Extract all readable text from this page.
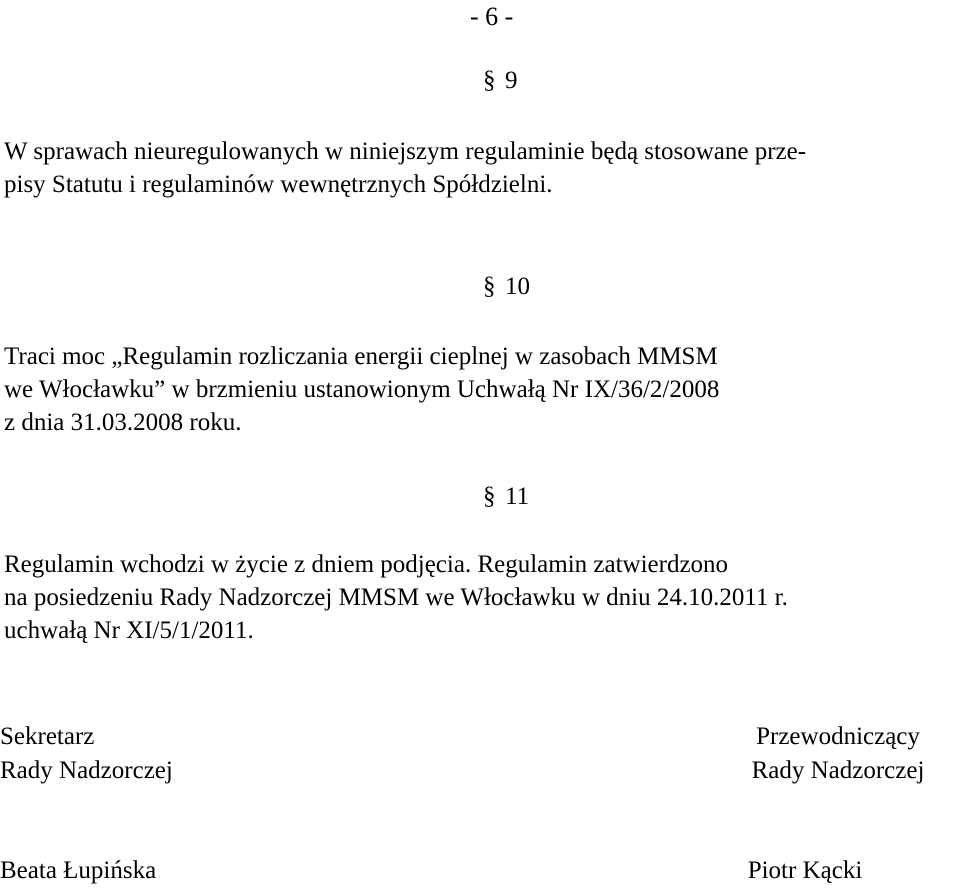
- 6 -
§ 9
W sprawach nieuregulowanych w niniejszym regulaminie będą stosowane prze-
pisy Statutu i regulaminów wewnętrznych Spółdzielni.
§ 10
Traci moc „Regulamin rozliczania energii cieplnej w zasobach MMSM
we Włocławku” w brzmieniu ustanowionym Uchwałą Nr IX/36/2/2008
z dnia 31.03.2008 roku.
§ 11
Regulamin wchodzi w życie z dniem podjęcia. Regulamin zatwierdzono
na posiedzeniu Rady Nadzorczej MMSM we Włocławku w dniu 24.10.2011 r.
uchwałą Nr XI/5/1/2011.
Sekretarz
Rady Nadzorczej
Beata Łupińska
Przewodniczący
Rady Nadzorczej
Piotr Kącki
